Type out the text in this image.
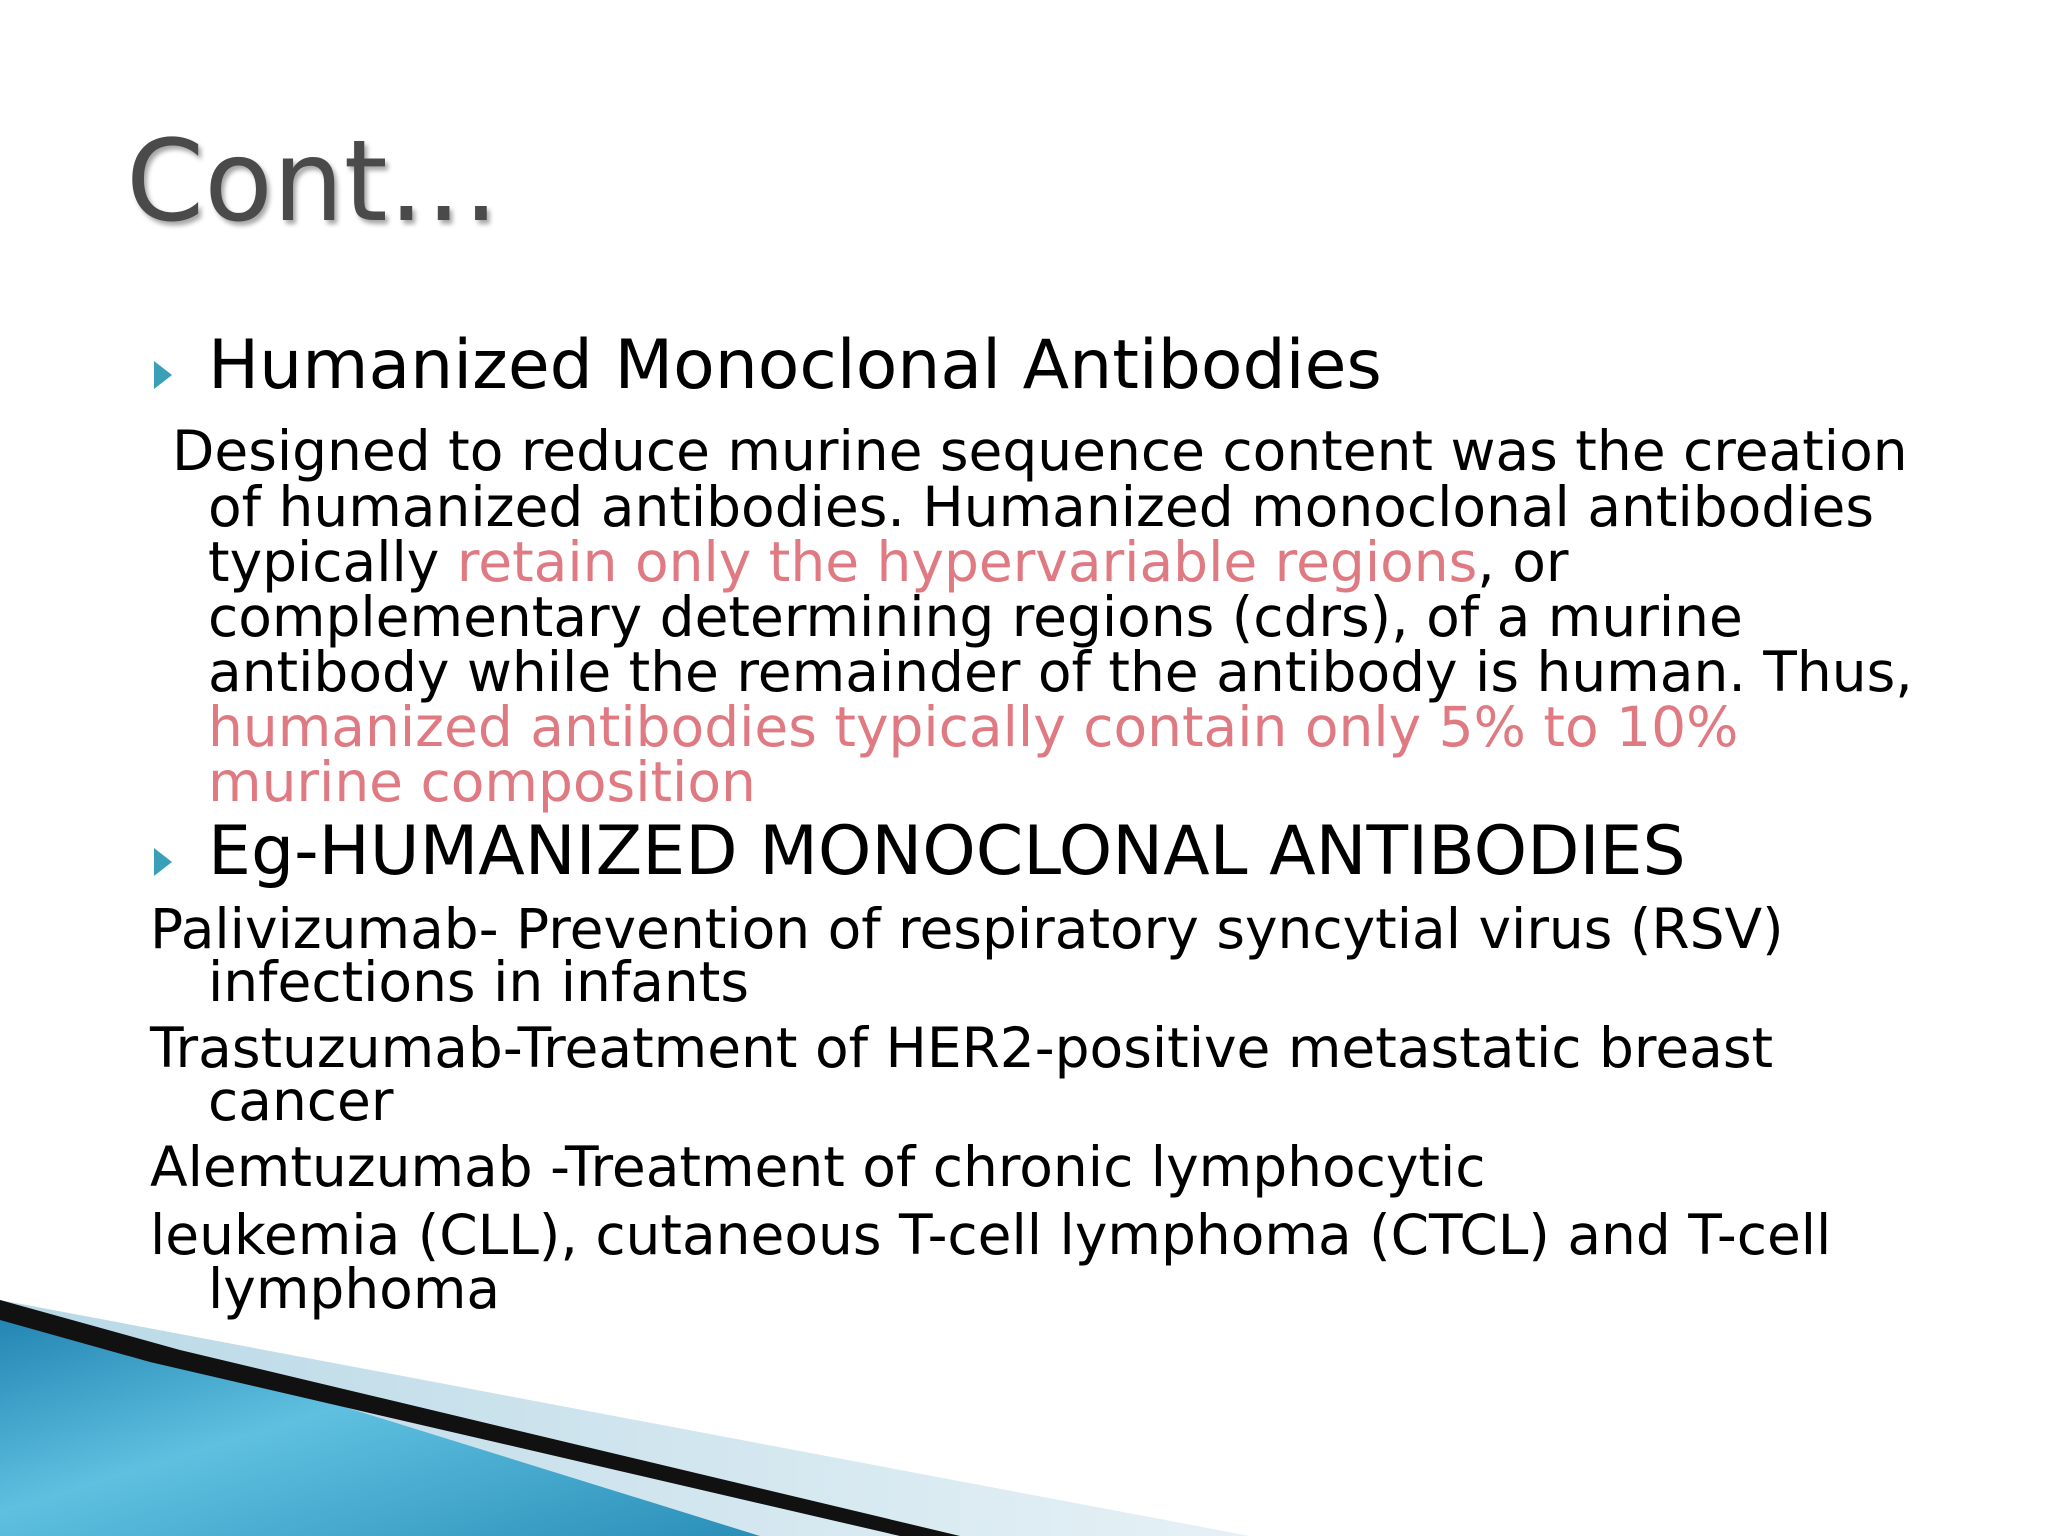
Cont…
Humanized Monoclonal Antibodies
Designed to reduce murine sequence content was the creation
of humanized antibodies. Humanized monoclonal antibodies
typically retain only the hypervariable regions, or
complementary determining regions (cdrs), of a murine
antibody while the remainder of the antibody is human. Thus,
humanized antibodies typically contain only 5% to 10%
murine composition
Eg-HUMANIZED MONOCLONAL ANTIBODIES
Palivizumab- Prevention of respiratory syncytial virus (RSV)
infections in infants
Trastuzumab-Treatment of HER2-positive metastatic breast
cancer
Alemtuzumab -Treatment of chronic lymphocytic
leukemia (CLL), cutaneous T-cell lymphoma (CTCL) and T-cell
lymphoma
